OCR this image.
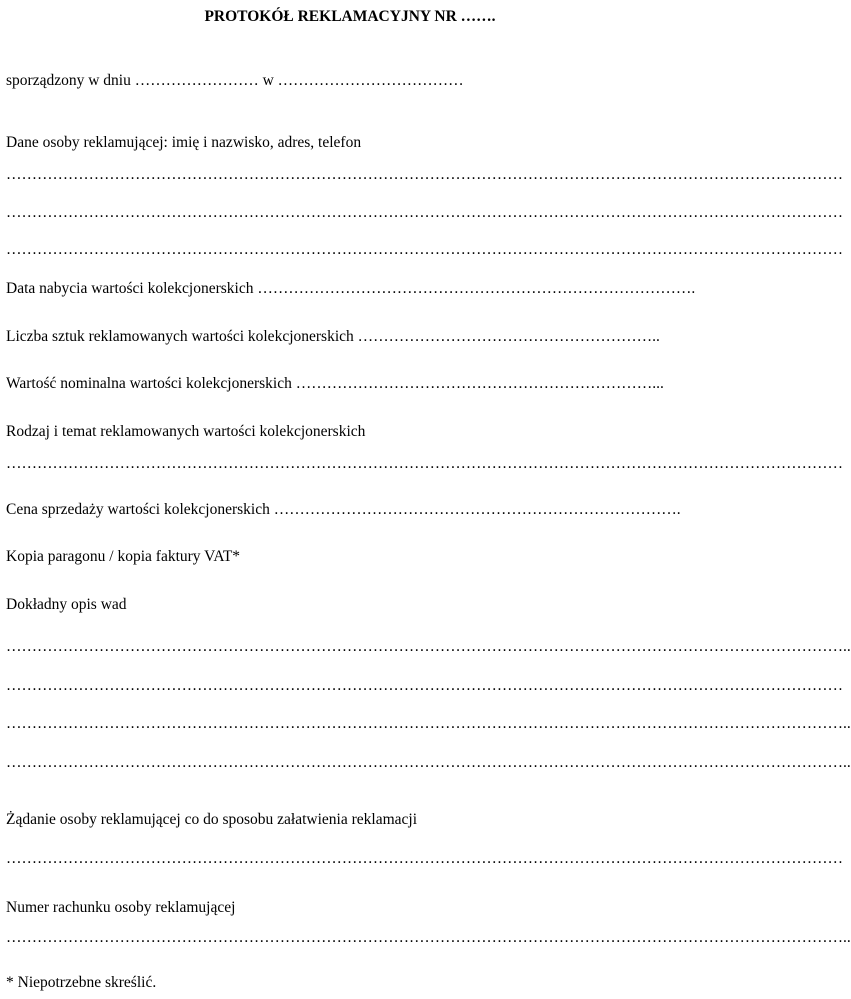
PROTOKÓŁ REKLAMACYJNY NR …….
sporządzony w dniu …………………… w ………………………………
Dane osoby reklamującej: imię i nazwisko, adres, telefon
………………………………………………………………………………………………………………………………………………
………………………………………………………………………………………………………………………………………………
………………………………………………………………………………………………………………………………………………
Data nabycia wartości kolekcjonerskich ………………………………………………………………………….
Liczba sztuk reklamowanych wartości kolekcjonerskich …………………………………………………..
Wartość nominalna wartości kolekcjonerskich ……………………………………………………………...
Rodzaj i temat reklamowanych wartości kolekcjonerskich
………………………………………………………………………………………………………………………………………………
Cena sprzedaży wartości kolekcjonerskich …………………………………………………………………….
Kopia paragonu / kopia faktury VAT*
Dokładny opis wad
………………………………………………………………………………………………………………………………………………..
………………………………………………………………………………………………………………………………………………
………………………………………………………………………………………………………………………………………………..
………………………………………………………………………………………………………………………………………………..
Żądanie osoby reklamującej co do sposobu załatwienia reklamacji
………………………………………………………………………………………………………………………………………………
Numer rachunku osoby reklamującej
………………………………………………………………………………………………………………………………………………..
* Niepotrzebne skreślić.
